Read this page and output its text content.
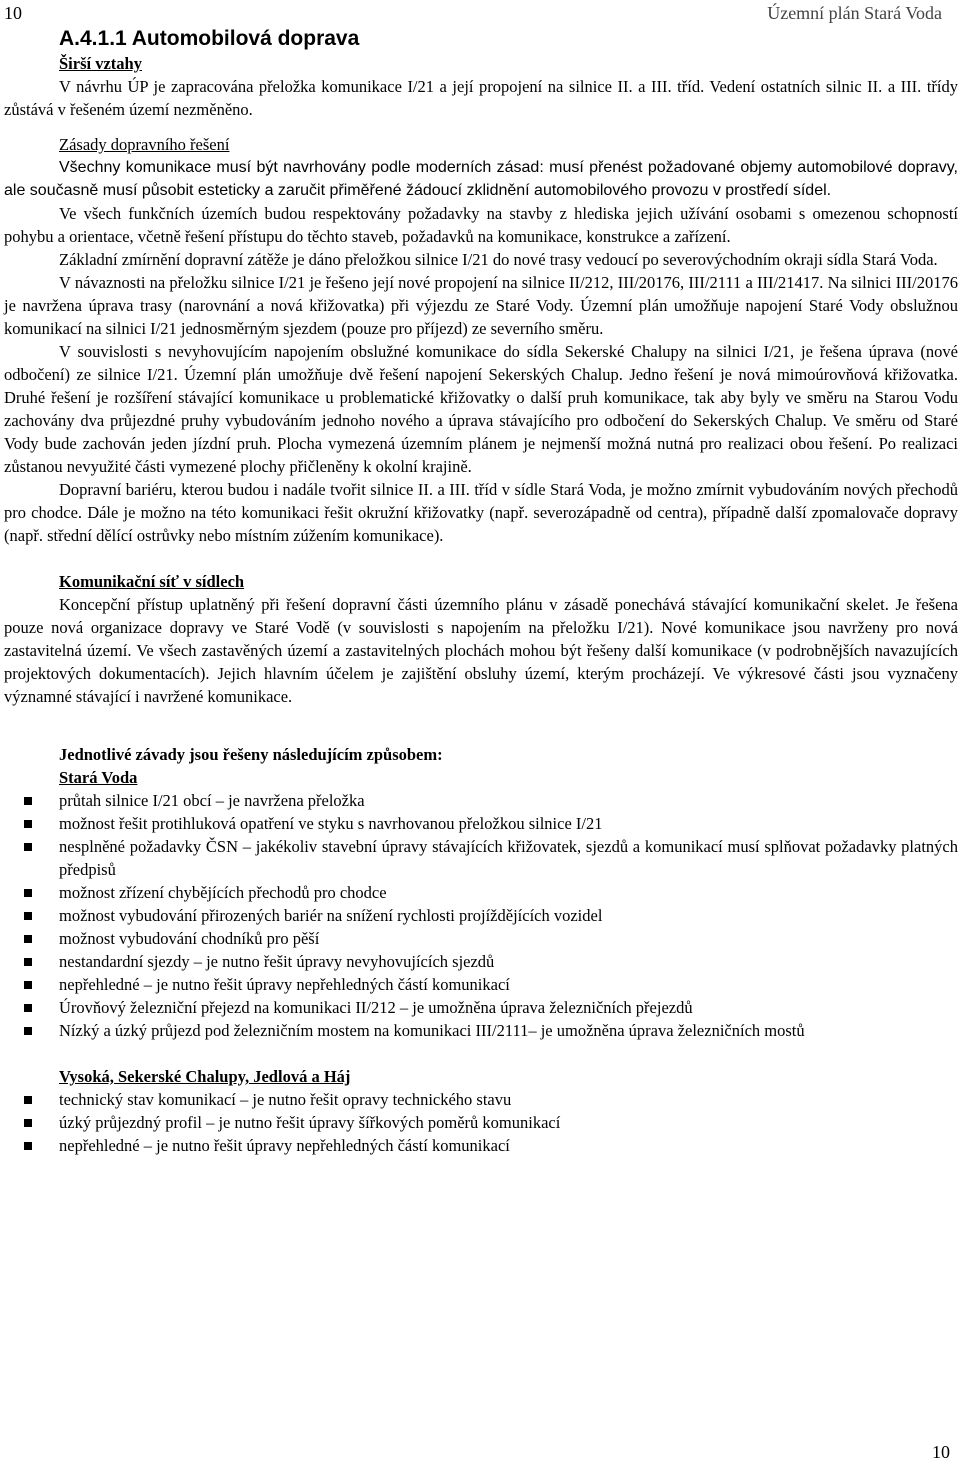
10	Územní plán Stará Voda
A.4.1.1 Automobilová doprava
Širší vztahy

V návrhu ÚP je zapracována přeložka komunikace I/21 a její propojení na silnice II. a III. tříd. Vedení ostatních silnic II. a III. třídy zůstává v řešeném území nezměněno.

Zásady dopravního řešení

Všechny komunikace musí být navrhovány podle moderních zásad: musí přenést požadované objemy automobilové dopravy, ale současně musí působit esteticky a zaručit přiměřené žádoucí zklidnění automobilového provozu v prostředí sídel.

Ve všech funkčních územích budou respektovány požadavky na stavby z hlediska jejich užívání osobami s omezenou schopností pohybu a orientace, včetně řešení přístupu do těchto staveb, požadavků na komunikace, konstrukce a zařízení.

Základní zmírnění dopravní zátěže je dáno přeložkou silnice I/21 do nové trasy vedoucí po severovýchodním okraji sídla Stará Voda.

V návaznosti na přeložku silnice I/21 je řešeno její nové propojení na silnice II/212, III/20176, III/2111 a III/21417. Na silnici III/20176 je navržena úprava trasy (narovnání a nová křižovatka) při výjezdu ze Staré Vody. Územní plán umožňuje napojení Staré Vody obslužnou komunikací na silnici I/21 jednosměrným sjezdem (pouze pro příjezd) ze severního směru.

V souvislosti s nevyhovujícím napojením obslužné komunikace do sídla Sekerské Chalupy na silnici I/21, je řešena úprava (nové odbočení) ze silnice I/21. Územní plán umožňuje dvě řešení napojení Sekerských Chalup. Jedno řešení je nová mimoúrovňová křižovatka. Druhé řešení je rozšíření stávající komunikace u problematické křižovatky o další pruh komunikace, tak aby byly ve směru na Starou Vodu zachovány dva průjezdné pruhy vybudováním jednoho nového a úprava stávajícího pro odbočení do Sekerských Chalup. Ve směru od Staré Vody bude zachován jeden jízdní pruh. Plocha vymezená územním plánem je nejmenší možná nutná pro realizaci obou řešení. Po realizaci zůstanou nevyužité části vymezené plochy přičleněny k okolní krajině.

Dopravní bariéru, kterou budou i nadále tvořit silnice II. a III. tříd v sídle Stará Voda, je možno zmírnit vybudováním nových přechodů pro chodce. Dále je možno na této komunikaci řešit okružní křižovatky (např. severozápadně od centra), případně další zpomalovače dopravy (např. střední dělící ostrůvky nebo místním zúžením komunikace).

Komunikační síť v sídlech

Koncepční přístup uplatněný při řešení dopravní části územního plánu v zásadě ponechává stávající komunikační skelet. Je řešena pouze nová organizace dopravy ve Staré Vodě (v souvislosti s napojením na přeložku I/21). Nové komunikace jsou navrženy pro nová zastavitelná území. Ve všech zastavěných území a zastavitelných plochách mohou být řešeny další komunikace (v podrobnějších navazujících projektových dokumentacích). Jejich hlavním účelem je zajištění obsluhy území, kterým procházejí. Ve výkresové části jsou vyznačeny významné stávající i navržené komunikace.

Jednotlivé závady jsou řešeny následujícím způsobem:
Stará Voda
průtah silnice I/21 obcí – je navržena přeložka
možnost řešit protihluková opatření ve styku s navrhovanou přeložkou silnice I/21
nesplněné požadavky ČSN – jakékoliv stavební úpravy stávajících křižovatek, sjezdů a komunikací musí splňovat požadavky platných předpisů
možnost zřízení chybějících přechodů pro chodce
možnost vybudování přirozených bariér na snížení rychlosti projíždějících vozidel
možnost vybudování chodníků pro pěší
nestandardní sjezdy – je nutno řešit úpravy nevyhovujících sjezdů
nepřehledné – je nutno řešit úpravy nepřehledných částí komunikací
Úrovňový železniční přejezd na komunikaci II/212 – je umožněna úprava železničních přejezdů
Nízký a úzký průjezd pod železničním mostem na komunikaci III/2111– je umožněna úprava železničních mostů
Vysoká, Sekerské Chalupy, Jedlová a Háj
technický stav komunikací – je nutno řešit opravy technického stavu
úzký průjezdný profil – je nutno řešit úpravy šířkových poměrů komunikací
nepřehledné – je nutno řešit úpravy nepřehledných částí komunikací
10
